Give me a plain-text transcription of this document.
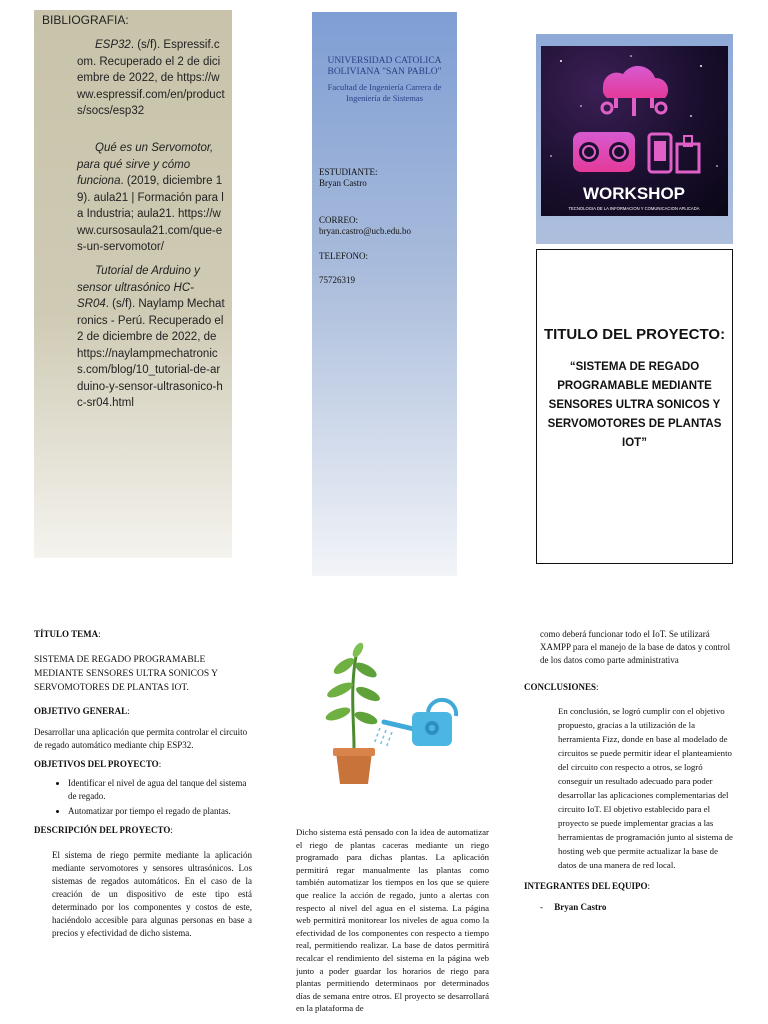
BIBLIOGRAFIA:
ESP32. (s/f). Espressif.com. Recuperado el 2 de diciembre de 2022, de https://www.espressif.com/en/products/socs/esp32
Qué es un Servomotor, para qué sirve y cómo funciona. (2019, diciembre 19). aula21 | Formación para la Industria; aula21. https://www.cursosaula21.com/que-es-un-servomotor/
Tutorial de Arduino y sensor ultrasónico HC-SR04. (s/f). Naylamp Mechatronics - Perú. Recuperado el 2 de diciembre de 2022, de https://naylampmechatronics.com/blog/10_tutorial-de-arduino-y-sensor-ultrasonico-hc-sr04.html
UNIVERSIDAD CATOLICA BOLIVIANA "SAN PABLO"
Facultad de Ingeniería Carrera de Ingeniería de Sistemas
ESTUDIANTE:
Bryan Castro
CORREO:
bryan.castro@ucb.edu.bo
TELEFONO:
75726319
WORKSHOP
TECNOLOGIA DE LA INFORMACION Y COMUNICACION APLICADA
TITULO DEL PROYECTO:
“SISTEMA DE REGADO PROGRAMABLE MEDIANTE SENSORES ULTRA SONICOS Y SERVOMOTORES DE PLANTAS IOT”
TÍTULO TEMA:
SISTEMA DE REGADO PROGRAMABLE MEDIANTE SENSORES ULTRA SONICOS Y SERVOMOTORES DE PLANTAS IOT.
OBJETIVO GENERAL:
Desarrollar una aplicación que permita controlar el circuito de regado automático mediante chip ESP32.
OBJETIVOS DEL PROYECTO:
• Identificar el nivel de agua del tanque del sistema de regado.
• Automatizar por tiempo el regado de plantas.
DESCRIPCIÓN DEL PROYECTO:
El sistema de riego permite mediante la aplicación mediante servomotores y sensores ultrasónicos. Los sistemas de regados automáticos. En el caso de la creación de un dispositivo de este tipo está determinado por los componentes y costos de este, haciéndolo accesible para algunas personas en base a precios y efectividad de dicho sistema.
Dicho sistema está pensado con la idea de automatizar el riego de plantas caceras mediante un riego programado para dichas plantas. La aplicación permitirá regar manualmente las plantas como también automatizar los tiempos en los que se quiere que realice la acción de regado, junto a alertas con respecto al nivel del agua en el sistema. La página web permitirá monitorear los niveles de agua como la efectividad de los componentes con respecto a tiempo real, permitiendo realizar. La base de datos permitirá recalcar el rendimiento del sistema en la página web junto a poder guardar los horarios de riego para plantas permitiendo determinaos por determinados días de semana entre otros. El proyecto se desarrollará en la plataforma de
como deberá funcionar todo el IoT. Se utilizará XAMPP para el manejo de la base de datos y control de los datos como parte administrativa
CONCLUSIONES:
En conclusión, se logró cumplir con el objetivo propuesto, gracias a la utilización de la herramienta Fizz, donde en base al modelado de circuitos se puede permitir idear el planteamiento del circuito con respecto a otros, se logró conseguir un resultado adecuado para poder desarrollar las aplicaciones complementarias del circuito IoT. El objetivo establecido para el proyecto se puede implementar gracias a las herramientas de programación junto al sistema de hosting web que permite actualizar la base de datos de una manera de red local.
INTEGRANTES DEL EQUIPO:
-     Bryan Castro
